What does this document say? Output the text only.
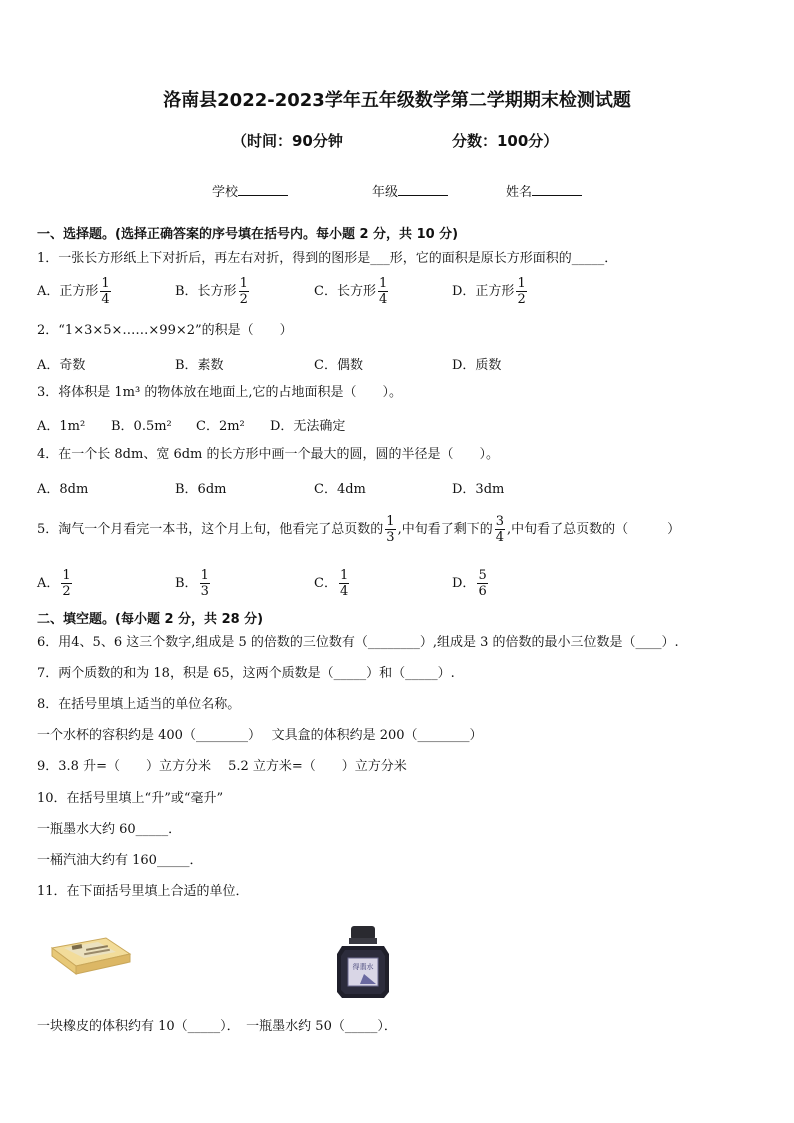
洛南县2022-2023学年五年级数学第二学期期末检测试题
（时间：90分钟	分数：100分）
学校	年级	姓名
一、选择题。(选择正确答案的序号填在括号内。每小题 2 分，共 10 分)
1．一张长方形纸上下对折后，再左右对折，得到的图形是___形，它的面积是原长方形面积的_____．
A．正方形 $\frac{1}{4}$	B．长方形 $\frac{1}{2}$	C．长方形 $\frac{1}{4}$	D．正方形 $\frac{1}{2}$
2．“1×3×5×……×99×2”的积是（　　）
A．奇数	B．素数	C．偶数	D．质数
3．将体积是 1m³ 的物体放在地面上,它的占地面积是（　　）。
A．1m² B．0.5m² C．2m² D．无法确定
4．在一个长 8dm、宽 6dm 的长方形中画一个最大的圆，圆的半径是（　　）。
A．8dm	B．6dm	C．4dm	D．3dm
5．淘气一个月看完一本书，这个月上旬，他看完了总页数的 $\frac{1}{3}$ ,中旬看了剩下的 $\frac{3}{4}$ ,中旬看了总页数的（　　　）
A． $\frac{1}{2}$	B． $\frac{1}{3}$	C． $\frac{1}{4}$	D． $\frac{5}{6}$
二、填空题。(每小题 2 分，共 28 分)
6．用4、5、6 这三个数字,组成是 5 的倍数的三位数有（________）,组成是 3 的倍数的最小三位数是（____）.
7．两个质数的和为 18，积是 65，这两个质数是（_____）和（_____）.
8．在括号里填上适当的单位名称。
一个水杯的容积约是 400（________）　 文具盒的体积约是 200（________）
9．3.8 升=（　　）立方分米　 5.2 立方米=（　　）立方分米
10．在括号里填上“升”或“毫升”
一瓶墨水大约 60_____．
一桶汽油大约有 160_____．
11．在下面括号里填上合适的单位．
得翡水
一块橡皮的体积约有 10（_____）．　一瓶墨水约 50（_____）．
